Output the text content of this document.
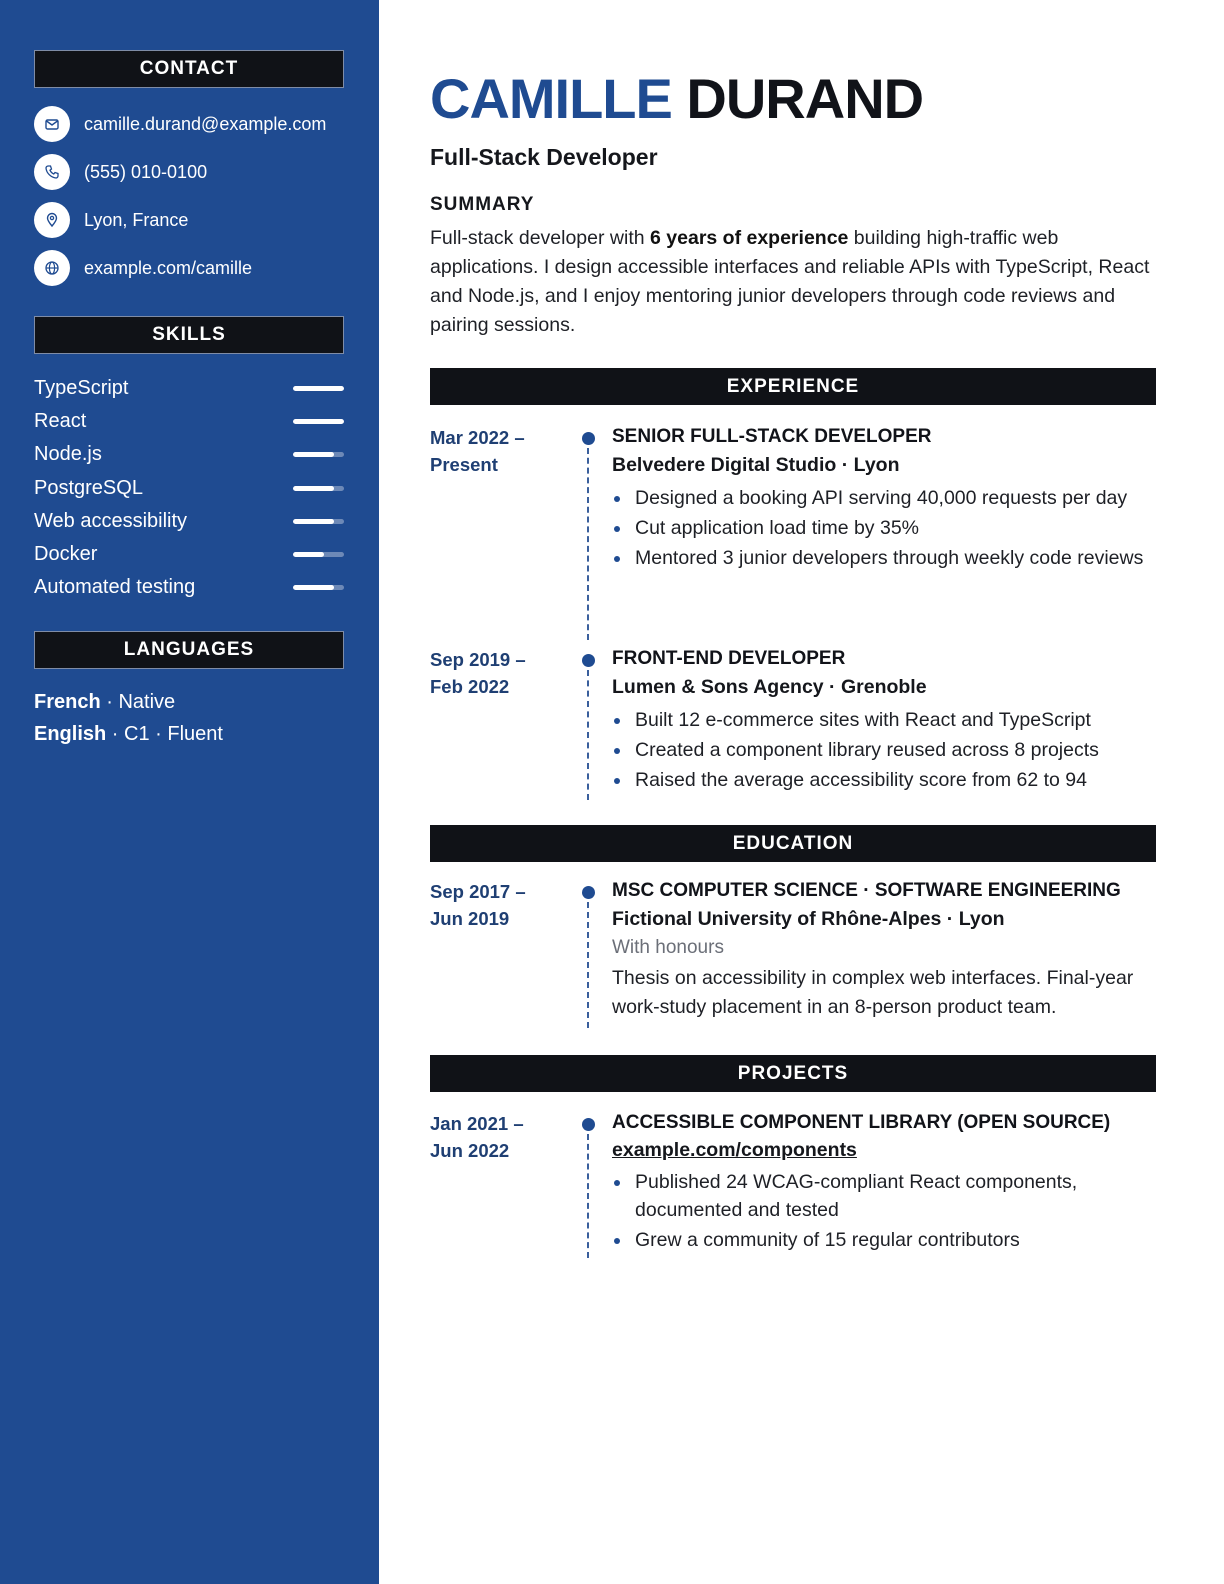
CONTACT
camille.durand@example.com
(555) 010-0100
Lyon, France
example.com/camille
SKILLS
TypeScript
React
Node.js
PostgreSQL
Web accessibility
Docker
Automated testing
LANGUAGES
French · Native
English · C1 · Fluent
CAMILLE DURAND
Full-Stack Developer
SUMMARY
Full-stack developer with 6 years of experience building high-traffic web applications. I design accessible interfaces and reliable APIs with TypeScript, React and Node.js, and I enjoy mentoring junior developers through code reviews and pairing sessions.
EXPERIENCE
Mar 2022 –
Present
SENIOR FULL-STACK DEVELOPER
Belvedere Digital Studio · Lyon
Designed a booking API serving 40,000 requests per day
Cut application load time by 35%
Mentored 3 junior developers through weekly code reviews
Sep 2019 –
Feb 2022
FRONT-END DEVELOPER
Lumen & Sons Agency · Grenoble
Built 12 e-commerce sites with React and TypeScript
Created a component library reused across 8 projects
Raised the average accessibility score from 62 to 94
EDUCATION
Sep 2017 –
Jun 2019
MSC COMPUTER SCIENCE · SOFTWARE ENGINEERING
Fictional University of Rhône-Alpes · Lyon
With honours
Thesis on accessibility in complex web interfaces. Final-year work-study placement in an 8-person product team.
PROJECTS
Jan 2021 –
Jun 2022
ACCESSIBLE COMPONENT LIBRARY (OPEN SOURCE)
example.com/components
Published 24 WCAG-compliant React components, documented and tested
Grew a community of 15 regular contributors
